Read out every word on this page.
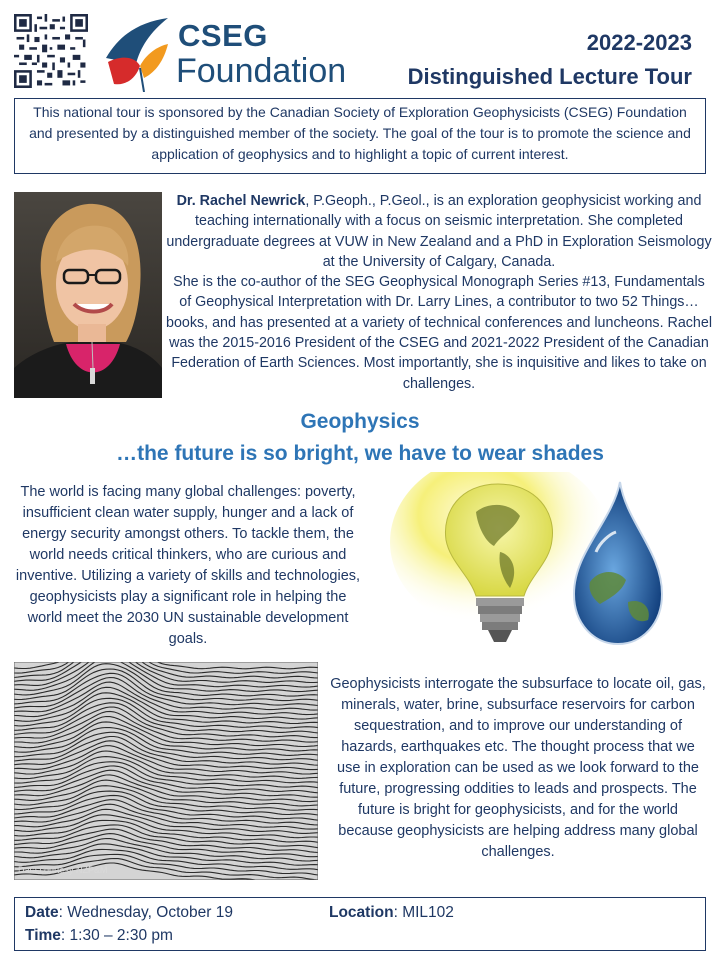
CSEG
Foundation
2022-2023
Distinguished Lecture Tour
This national tour is sponsored by the Canadian Society of Exploration Geophysicists (CSEG) Foundation and presented by a distinguished member of the society. The goal of the tour is to promote the science and application of geophysics and to highlight a topic of current interest.
Dr. Rachel Newrick, P.Geoph., P.Geol., is an exploration geophysicist working and teaching internationally with a focus on seismic interpretation. She completed undergraduate degrees at VUW in New Zealand and a PhD in Exploration Seismology at the University of Calgary, Canada.
She is the co-author of the SEG Geophysical Monograph Series #13, Fundamentals of Geophysical Interpretation with Dr. Larry Lines, a contributor to two 52 Things… books, and has presented at a variety of technical conferences and luncheons. Rachel was the 2015-2016 President of the CSEG and 2021-2022 President of the Canadian Federation of Earth Sciences. Most importantly, she is inquisitive and likes to take on challenges.
Geophysics
…the future is so bright, we have to wear shades
The world is facing many global challenges: poverty, insufficient clean water supply, hunger and a lack of energy security amongst others. To tackle them, the world needs critical thinkers, who are curious and inventive. Utilizing a variety of skills and technologies, geophysicists play a significant role in helping the world meet the 2030 UN sustainable development goals.
Data courtesy NZP&M
Geophysicists interrogate the subsurface to locate oil, gas, minerals, water, brine, subsurface reservoirs for carbon sequestration, and to improve our understanding of hazards, earthquakes etc. The thought process that we use in exploration can be used as we look forward to the future, progressing oddities to leads and prospects. The future is bright for geophysicists, and for the world because geophysicists are helping address many global challenges.
Date: Wednesday, October 19
Time: 1:30 – 2:30 pm
Location: MIL102
